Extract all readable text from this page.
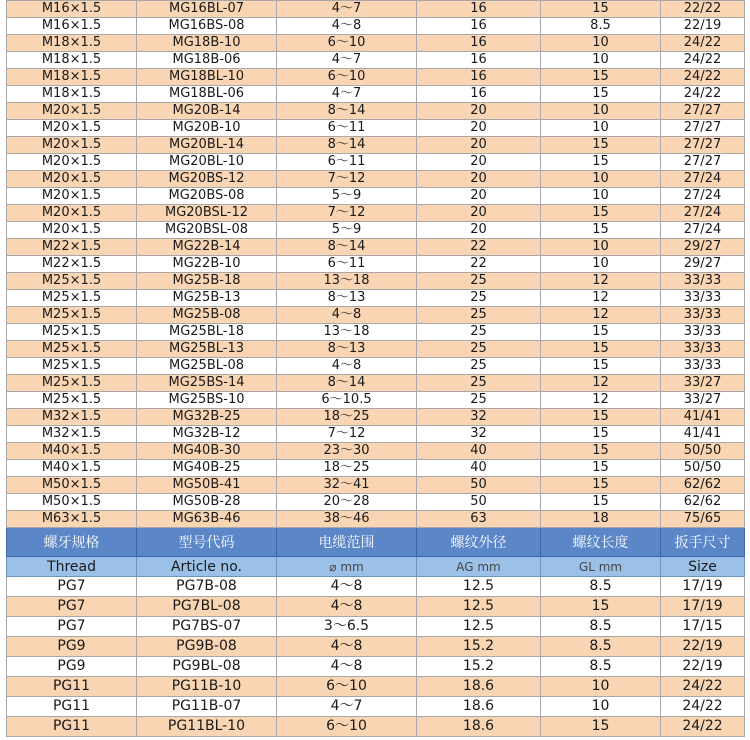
M16×1.5	MG16BL-07	4～7	16	15	22/22
M16×1.5	MG16BS-08	4～8	16	8.5	22/19
M18×1.5	MG18B-10	6～10	16	10	24/22
M18×1.5	MG18B-06	4～7	16	10	24/22
M18×1.5	MG18BL-10	6～10	16	15	24/22
M18×1.5	MG18BL-06	4～7	16	15	24/22
M20×1.5	MG20B-14	8～14	20	10	27/27
M20×1.5	MG20B-10	6～11	20	10	27/27
M20×1.5	MG20BL-14	8～14	20	15	27/27
M20×1.5	MG20BL-10	6～11	20	15	27/27
M20×1.5	MG20BS-12	7～12	20	10	27/24
M20×1.5	MG20BS-08	5～9	20	10	27/24
M20×1.5	MG20BSL-12	7～12	20	15	27/24
M20×1.5	MG20BSL-08	5～9	20	15	27/24
M22×1.5	MG22B-14	8～14	22	10	29/27
M22×1.5	MG22B-10	6～11	22	10	29/27
M25×1.5	MG25B-18	13～18	25	12	33/33
M25×1.5	MG25B-13	8～13	25	12	33/33
M25×1.5	MG25B-08	4～8	25	12	33/33
M25×1.5	MG25BL-18	13～18	25	15	33/33
M25×1.5	MG25BL-13	8～13	25	15	33/33
M25×1.5	MG25BL-08	4～8	25	15	33/33
M25×1.5	MG25BS-14	8～14	25	12	33/27
M25×1.5	MG25BS-10	6～10.5	25	12	33/27
M32×1.5	MG32B-25	18～25	32	15	41/41
M32×1.5	MG32B-12	7～12	32	15	41/41
M40×1.5	MG40B-30	23～30	40	15	50/50
M40×1.5	MG40B-25	18～25	40	15	50/50
M50×1.5	MG50B-41	32～41	50	15	62/62
M50×1.5	MG50B-28	20～28	50	15	62/62
M63×1.5	MG63B-46	38～46	63	18	75/65
螺牙规格	型号代码	电缆范围	螺纹外径	螺纹长度	扳手尺寸
Thread	Article no.	⌀ mm	AG mm	GL mm	Size
PG7	PG7B-08	4～8	12.5	8.5	17/19
PG7	PG7BL-08	4～8	12.5	15	17/19
PG7	PG7BS-07	3～6.5	12.5	8.5	17/15
PG9	PG9B-08	4～8	15.2	8.5	22/19
PG9	PG9BL-08	4～8	15.2	8.5	22/19
PG11	PG11B-10	6～10	18.6	10	24/22
PG11	PG11B-07	4～7	18.6	10	24/22
PG11	PG11BL-10	6～10	18.6	15	24/22
